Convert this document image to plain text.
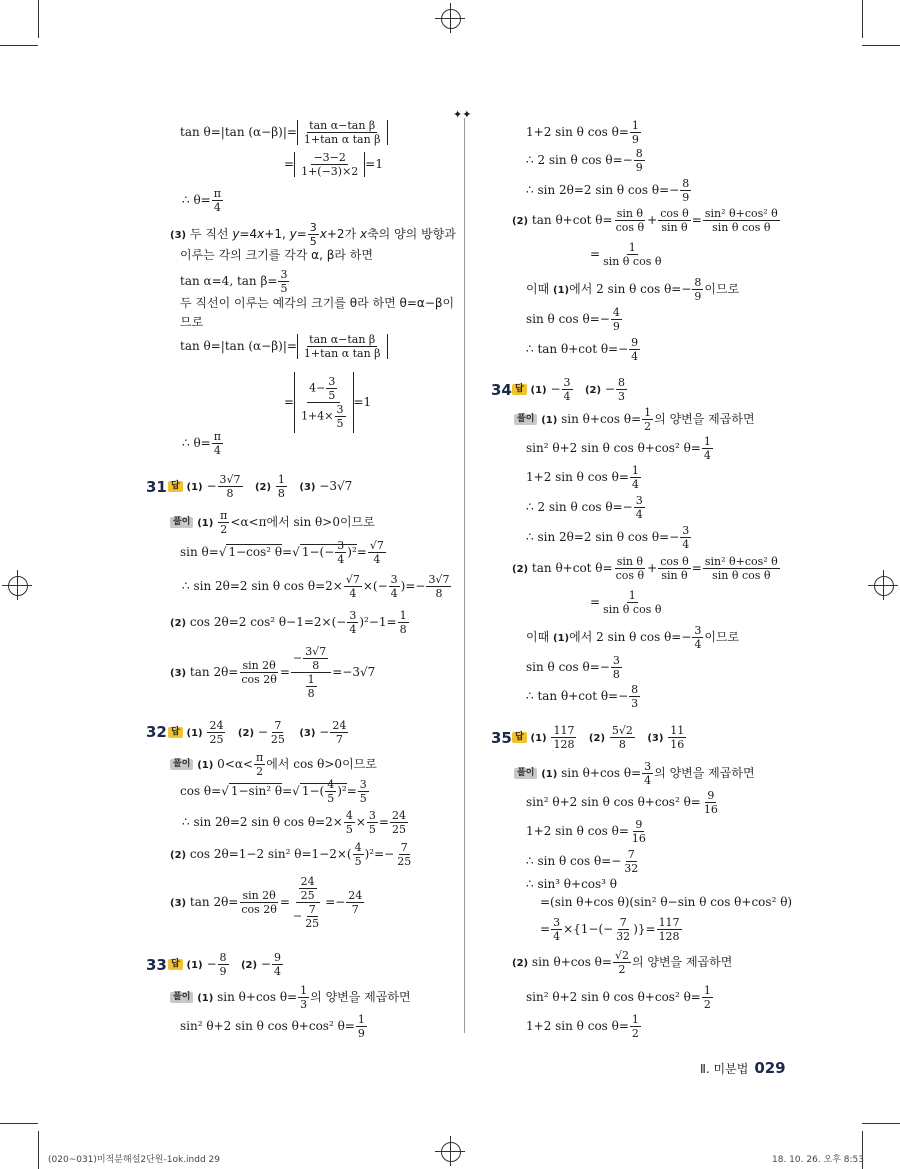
✦✦
tan θ=|tan $(\alpha-\beta)|= \frac{\text{tan α−tan β}}{\text{1+tan α tan β}}$
= $\frac{-3-2}{1+(-3)\times 2} =1$
∴ $\theta= \frac{\pi}{4}$
(3) 두 직선 y=4x+1, $y= \frac{3}{5} x+2$가 x축의 양의 방향과
이루는 각의 크기를 각각 α, β라 하면
tan α=4, $\tan \beta= \frac{3}{5}$
두 직선이 이루는 예각의 크기를 θ라 하면 θ=α−β이
므로
tan θ=|tan $(\alpha-\beta)|= \frac{\text{tan α−tan β}}{\text{1+tan α tan β}}$
= $\frac{4- \frac{3}{5}}{1+4\times \frac{3}{5}} =1$
∴ $\theta= \frac{\pi}{4}$
31 답 $(1) - \frac{3√7}{8} (2) \frac{1}{8} (3) -3√7$
풀이 $(1) \frac{\pi}{2} <\alpha<\pi$에서 sin θ>0이므로
sin θ=√ 1−cos² θ=√ $1-(- \frac{3}{4} )^2= \frac{√7}{4}$
∴ sin 2θ=2 sin θ $\cos \theta=2\times \frac{√7}{4}$ ×(− $\frac{3}{4}$ )=− $\frac{3√7}{8}$
(2) cos 2θ=2 cos² $\theta-1=2\times(- \frac{3}{4} )^2-1= \frac{1}{8}$
(3) $\tan 2\theta= \frac{\sin 2\theta}{\cos 2\theta} = \frac{- \frac{3√7}{8}}{\frac{1}{8}} =-3√7$
32 답 $(1) \frac{24}{25} (2) - \frac{7}{25} (3) - \frac{24}{7}$
풀이 (1) $0<\alpha< \frac{\pi}{2}$ 에서 cos θ>0이므로
cos θ=√ 1−sin² θ=√ $1-( \frac{4}{5} )^2= \frac{3}{5}$
∴ sin 2θ=2 sin θ $\cos \theta=2\times \frac{4}{5} \times \frac{3}{5} = \frac{24}{25}$
(2) cos 2θ=1−2 sin² $\theta=1-2\times( \frac{4}{5} )^2=- \frac{7}{25}$
(3) $\tan 2\theta= \frac{\sin 2\theta}{\cos 2\theta} = \frac{\frac{24}{25}}{- \frac{7}{25}} =- \frac{24}{7}$
33 답 $(1) - \frac{8}{9} (2) - \frac{9}{4}$
풀이 (1) sin θ+cos $\theta= \frac{1}{3}$ 의 양변을 제곱하면
sin² θ+2 sin θ cos θ+cos² $\theta= \frac{1}{9}$
1+2 sin θ $\cos \theta= \frac{1}{9}$
∴ 2 sin θ $\cos \theta=- \frac{8}{9}$
∴ sin 2θ=2 sin θ $\cos \theta=- \frac{8}{9}$
(2) tan θ+cot $\theta= \frac{\text{sin θ}}{\text{cos θ}} + \frac{\text{cos θ}}{\text{sin θ}} = \frac{\text{sin² θ+cos² θ}}{\text{sin θ cos θ}}$
= $\frac{1}{\text{sin θ cos θ}}$
이때 (1)에서 2 sin θ $\cos \theta=- \frac{8}{9}$ 이므로
sin θ $\cos \theta=- \frac{4}{9}$
∴ tan θ+cot $\theta=- \frac{9}{4}$
34 답 $(1) - \frac{3}{4} (2) - \frac{8}{3}$
풀이 (1) sin θ+cos $\theta= \frac{1}{2}$ 의 양변을 제곱하면
sin² θ+2 sin θ cos θ+cos² $\theta= \frac{1}{4}$
1+2 sin θ $\cos \theta= \frac{1}{4}$
∴ 2 sin θ $\cos \theta=- \frac{3}{4}$
∴ sin 2θ=2 sin θ $\cos \theta=- \frac{3}{4}$
(2) tan θ+cot $\theta= \frac{\text{sin θ}}{\text{cos θ}} + \frac{\text{cos θ}}{\text{sin θ}} = \frac{\text{sin² θ+cos² θ}}{\text{sin θ cos θ}}$
= $\frac{1}{\text{sin θ cos θ}}$
이때 (1)에서 2 sin θ $\cos \theta=- \frac{3}{4}$ 이므로
sin θ $\cos \theta=- \frac{3}{8}$
∴ tan θ+cot $\theta=- \frac{8}{3}$
35 답 $(1) \frac{117}{128} (2) \frac{5√2}{8} (3) \frac{11}{16}$
풀이 (1) sin θ+cos $\theta= \frac{3}{4}$ 의 양변을 제곱하면
sin² θ+2 sin θ cos θ+cos² $\theta= \frac{9}{16}$
1+2 sin θ $\cos \theta= \frac{9}{16}$
∴ sin θ $\cos \theta=- \frac{7}{32}$
∴ sin³ θ+cos³ θ
=(sin θ+cos θ)(sin² θ−sin θ cos θ+cos² θ)
= $\frac{3}{4} \times\{1-(- \frac{7}{32}$ )}= $\frac{117}{128}$
(2) sin θ+cos $\theta= \frac{√2}{2}$ 의 양변을 제곱하면
sin² θ+2 sin θ cos θ+cos² $\theta= \frac{1}{2}$
1+2 sin θ $\cos \theta= \frac{1}{2}$
Ⅱ. 미분법 029
(020~031)미적분해설2단원-1ok.indd 29	18. 10. 26. 오후 8:53
